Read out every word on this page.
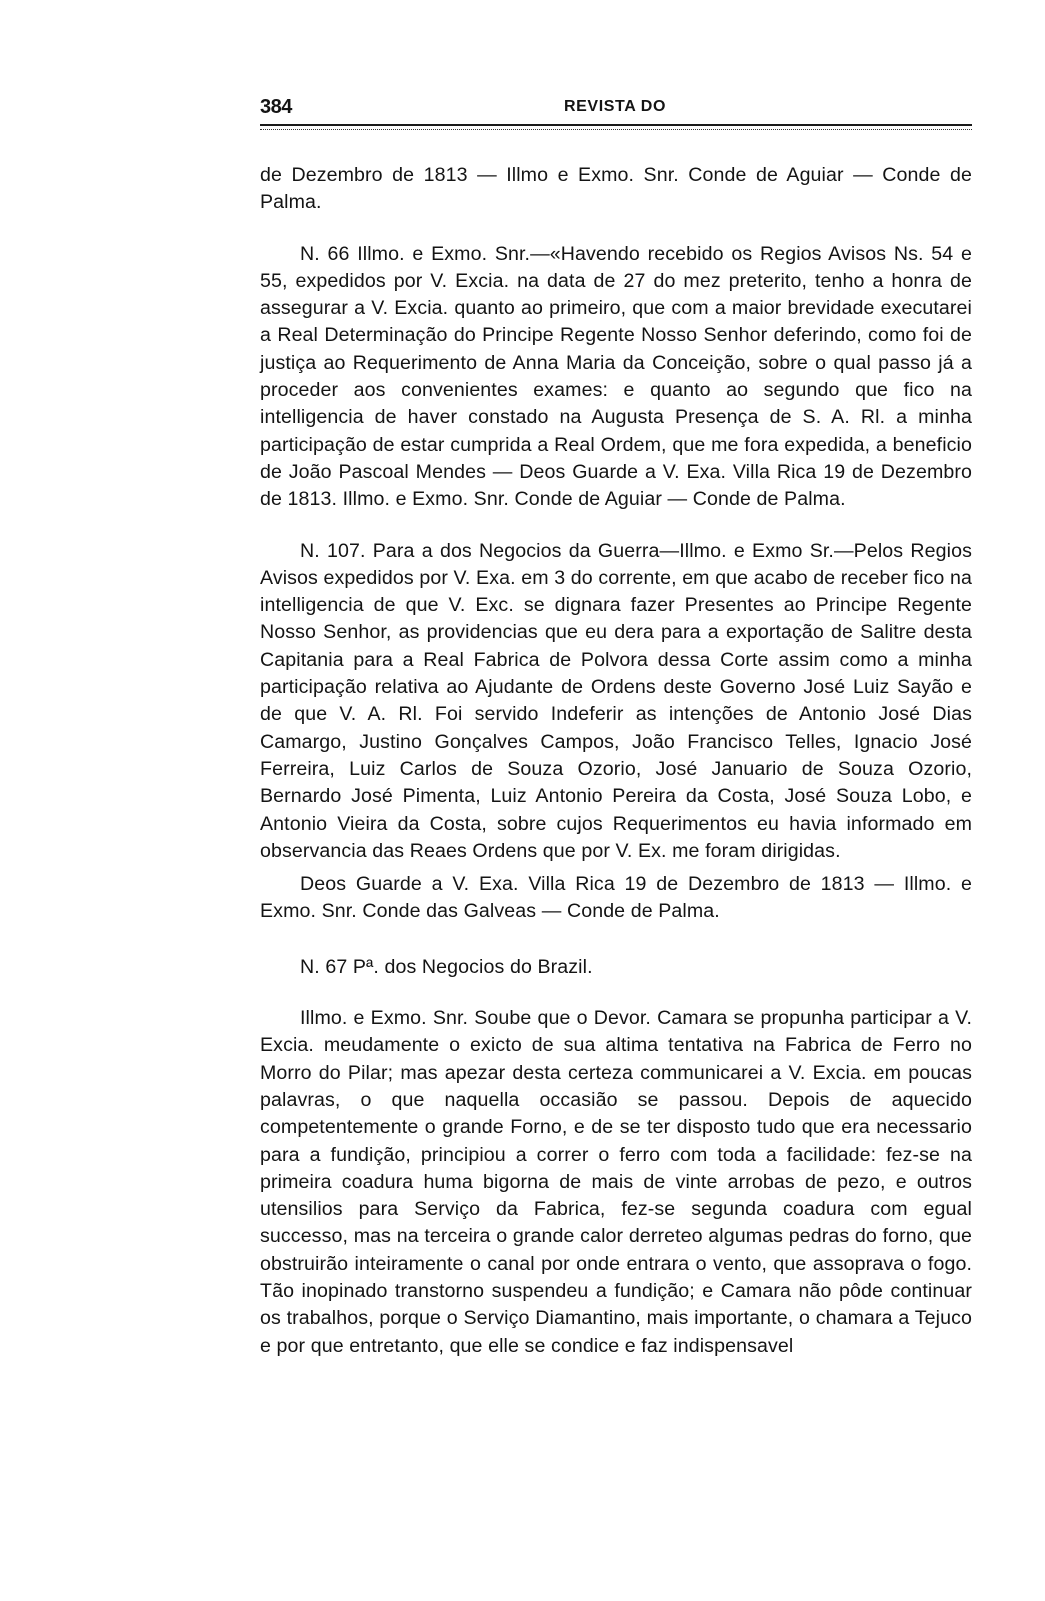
384	REVISTA DO

de Dezembro de 1813 — Illmo e Exmo. Snr. Conde de Aguiar — Conde de Palma.

N. 66 Illmo. e Exmo. Snr.—«Havendo recebido os Regios Avisos Ns. 54 e 55, expedidos por V. Excia. na data de 27 do mez preterito, tenho a honra de assegurar a V. Excia. quanto ao primeiro, que com a maior brevidade executarei a Real Determinação do Principe Regente Nosso Senhor deferindo, como foi de justiça ao Requerimento de Anna Maria da Conceição, sobre o qual passo já a proceder aos convenientes exames: e quanto ao segundo que fico na intelligencia de haver constado na Augusta Presença de S. A. Rl. a minha participação de estar cumprida a Real Ordem, que me fora expedida, a beneficio de João Pascoal Mendes — Deos Guarde a V. Exa. Villa Rica 19 de Dezembro de 1813. Illmo. e Exmo. Snr. Conde de Aguiar — Conde de Palma.

N. 107. Para a dos Negocios da Guerra—Illmo. e Exmo Sr.—Pelos Regios Avisos expedidos por V. Exa. em 3 do corrente, em que acabo de receber fico na intelligencia de que V. Exc. se dignara fazer Presentes ao Principe Regente Nosso Senhor, as providencias que eu dera para a exportação de Salitre desta Capitania para a Real Fabrica de Polvora dessa Corte assim como a minha participação relativa ao Ajudante de Ordens deste Governo José Luiz Sayão e de que V. A. Rl. Foi servido Indeferir as intenções de Antonio José Dias Camargo, Justino Gonçalves Campos, João Francisco Telles, Ignacio José Ferreira, Luiz Carlos de Souza Ozorio, José Januario de Souza Ozorio, Bernardo José Pimenta, Luiz Antonio Pereira da Costa, José Souza Lobo, e Antonio Vieira da Costa, sobre cujos Requerimentos eu havia informado em observancia das Reaes Ordens que por V. Ex. me foram dirigidas.

Deos Guarde a V. Exa. Villa Rica 19 de Dezembro de 1813 — Illmo. e Exmo. Snr. Conde das Galveas — Conde de Palma.

N. 67 Pª. dos Negocios do Brazil.

Illmo. e Exmo. Snr. Soube que o Devor. Camara se propunha participar a V. Excia. meudamente o exicto de sua altima tentativa na Fabrica de Ferro no Morro do Pilar; mas apezar desta certeza communicarei a V. Excia. em poucas palavras, o que naquella occasião se passou. Depois de aquecido competentemente o grande Forno, e de se ter disposto tudo que era necessario para a fundição, principiou a correr o ferro com toda a facilidade: fez-se na primeira coadura huma bigorna de mais de vinte arrobas de pezo, e outros utensilios para Serviço da Fabrica, fez-se segunda coadura com egual successo, mas na terceira o grande calor derreteo algumas pedras do forno, que obstruirão inteiramente o canal por onde entrara o vento, que assoprava o fogo. Tão inopinado transtorno suspendeu a fundição; e Camara não pôde continuar os trabalhos, porque o Serviço Diamantino, mais importante, o chamara a Tejuco e por que entretanto, que elle se condice e faz indispensavel
